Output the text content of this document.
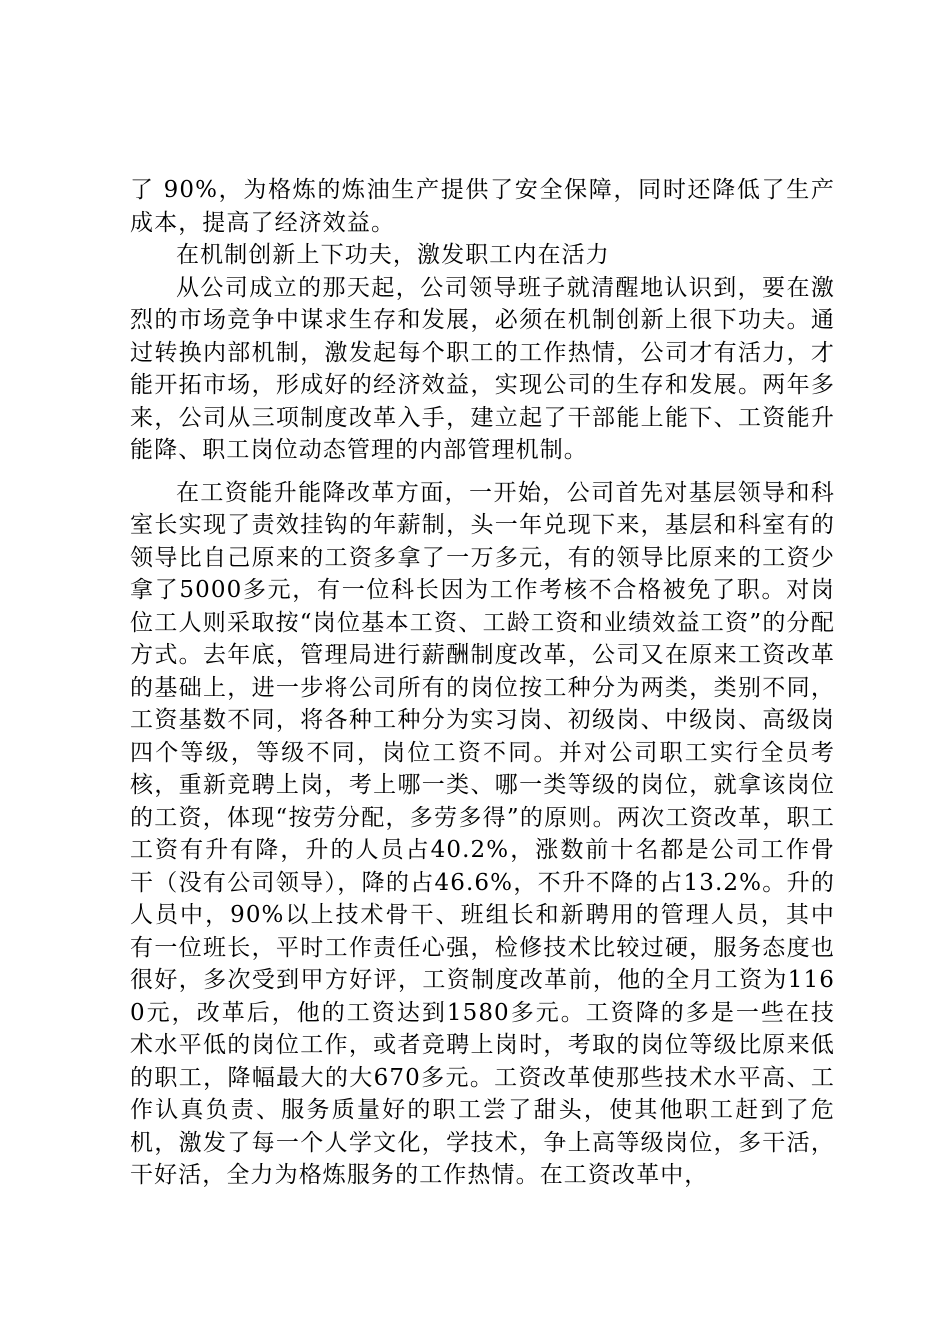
了 90%，为格炼的炼油生产提供了安全保障，同时还降低了生产成本，提高了经济效益。

在机制创新上下功夫，激发职工内在活力

从公司成立的那天起，公司领导班子就清醒地认识到，要在激烈的市场竞争中谋求生存和发展，必须在机制创新上很下功夫。通过转换内部机制，激发起每个职工的工作热情，公司才有活力，才能开拓市场，形成好的经济效益，实现公司的生存和发展。两年多来，公司从三项制度改革入手，建立起了干部能上能下、工资能升能降、职工岗位动态管理的内部管理机制。

在工资能升能降改革方面，一开始，公司首先对基层领导和科室长实现了责效挂钩的年薪制，头一年兑现下来，基层和科室有的领导比自己原来的工资多拿了一万多元，有的领导比原来的工资少拿了5000多元，有一位科长因为工作考核不合格被免了职。对岗位工人则采取按“岗位基本工资、工龄工资和业绩效益工资”的分配方式。去年底，管理局进行薪酬制度改革，公司又在原来工资改革的基础上，进一步将公司所有的岗位按工种分为两类，类别不同，工资基数不同，将各种工种分为实习岗、初级岗、中级岗、高级岗四个等级，等级不同，岗位工资不同。并对公司职工实行全员考核，重新竞聘上岗，考上哪一类、哪一类等级的岗位，就拿该岗位的工资，体现“按劳分配，多劳多得”的原则。两次工资改革，职工工资有升有降，升的人员占40.2%，涨数前十名都是公司工作骨干（没有公司领导），降的占46.6%，不升不降的占13.2%。升的人员中，90%以上技术骨干、班组长和新聘用的管理人员，其中有一位班长，平时工作责任心强，检修技术比较过硬，服务态度也很好，多次受到甲方好评，工资制度改革前，他的全月工资为1160元，改革后，他的工资达到1580多元。工资降的多是一些在技术水平低的岗位工作，或者竞聘上岗时，考取的岗位等级比原来低的职工，降幅最大的大670多元。工资改革使那些技术水平高、工作认真负责、服务质量好的职工尝了甜头，使其他职工赶到了危机，激发了每一个人学文化，学技术，争上高等级岗位，多干活，干好活，全力为格炼服务的工作热情。在工资改革中，
